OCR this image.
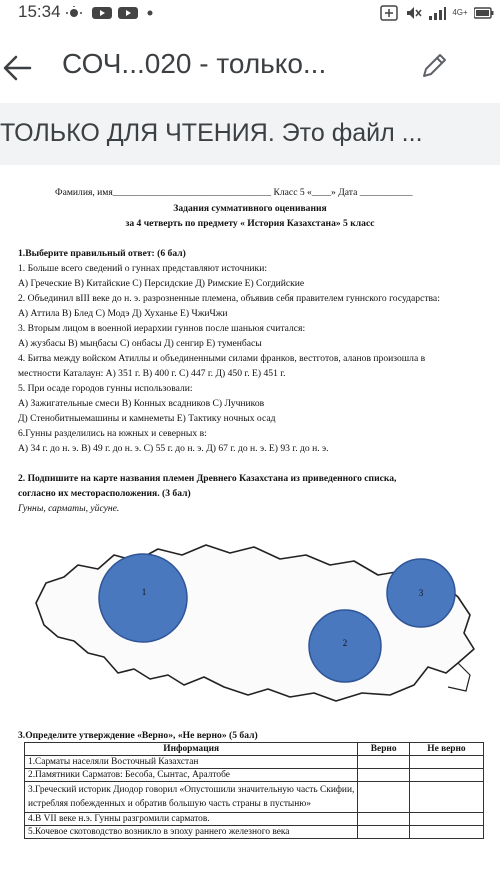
15:34	4G+
СОЧ...020 - только...
ТОЛЬКО ДЛЯ ЧТЕНИЯ. Это файл ...
Фамилия, имя_________________________________ Класс 5 «____» Дата ___________
Задания суммативного оценивания
за 4 четверть по предмету « История Казахстана» 5 класс
1.Выберите правильный ответ: (6 бал)
1. Больше всего сведений о гуннах представляют источники:
А) Греческие В) Китайские С) Персидские Д) Римские Е) Согдийские
2. Объединил вIII веке до н. э. разрозненные племена, объявив себя правителем гуннского государства:
А) Аттила В) Блед С) Модэ Д) Хуханье Е) ЧжиЧжи
3. Вторым лицом в военной иерархии гуннов после шаньюя считался:
А) жузбасы В) мыңбасы С) онбасы Д) сенгир Е) туменбасы
4. Битва между войском Атиллы и объединенными силами франков, вестготов, аланов произошла в
местности Каталаун: А) 351 г. В) 400 г. С) 447 г. Д) 450 г. Е) 451 г.
5. При осаде городов гунны использовали:
А) Зажигательные смеси В) Конных всадников С) Лучников
Д) Стенобитныемашины и камнеметы Е) Тактику ночных осад
6.Гунны разделились на южных и северных в:
А) 34 г. до н. э. В) 49 г. до н. э. С) 55 г. до н. э. Д) 67 г. до н. э. Е) 93 г. до н. э.
2. Подпишите на карте названия племен Древнего Казахстана из приведенного списка,
согласно их месторасположения. (3 бал)
Гунны, сарматы, уйсуне.
1
2
3
3.Определите утверждение «Верно», «Не верно» (5 бал)
Информация	Верно	Не верно
1.Сарматы населяли Восточный Казахстан		
2.Памятники Сарматов: Бесоба, Сынтас, Аралтобе		
3.Греческий историк Диодор говорил «Опустошили значительную часть Скифии, истребляя побежденных и обратив большую часть страны в пустыню»		
4.В VII веке н.э. Гунны разгромили сарматов.		
5.Кочевое скотоводство возникло в эпоху раннего железного века		
